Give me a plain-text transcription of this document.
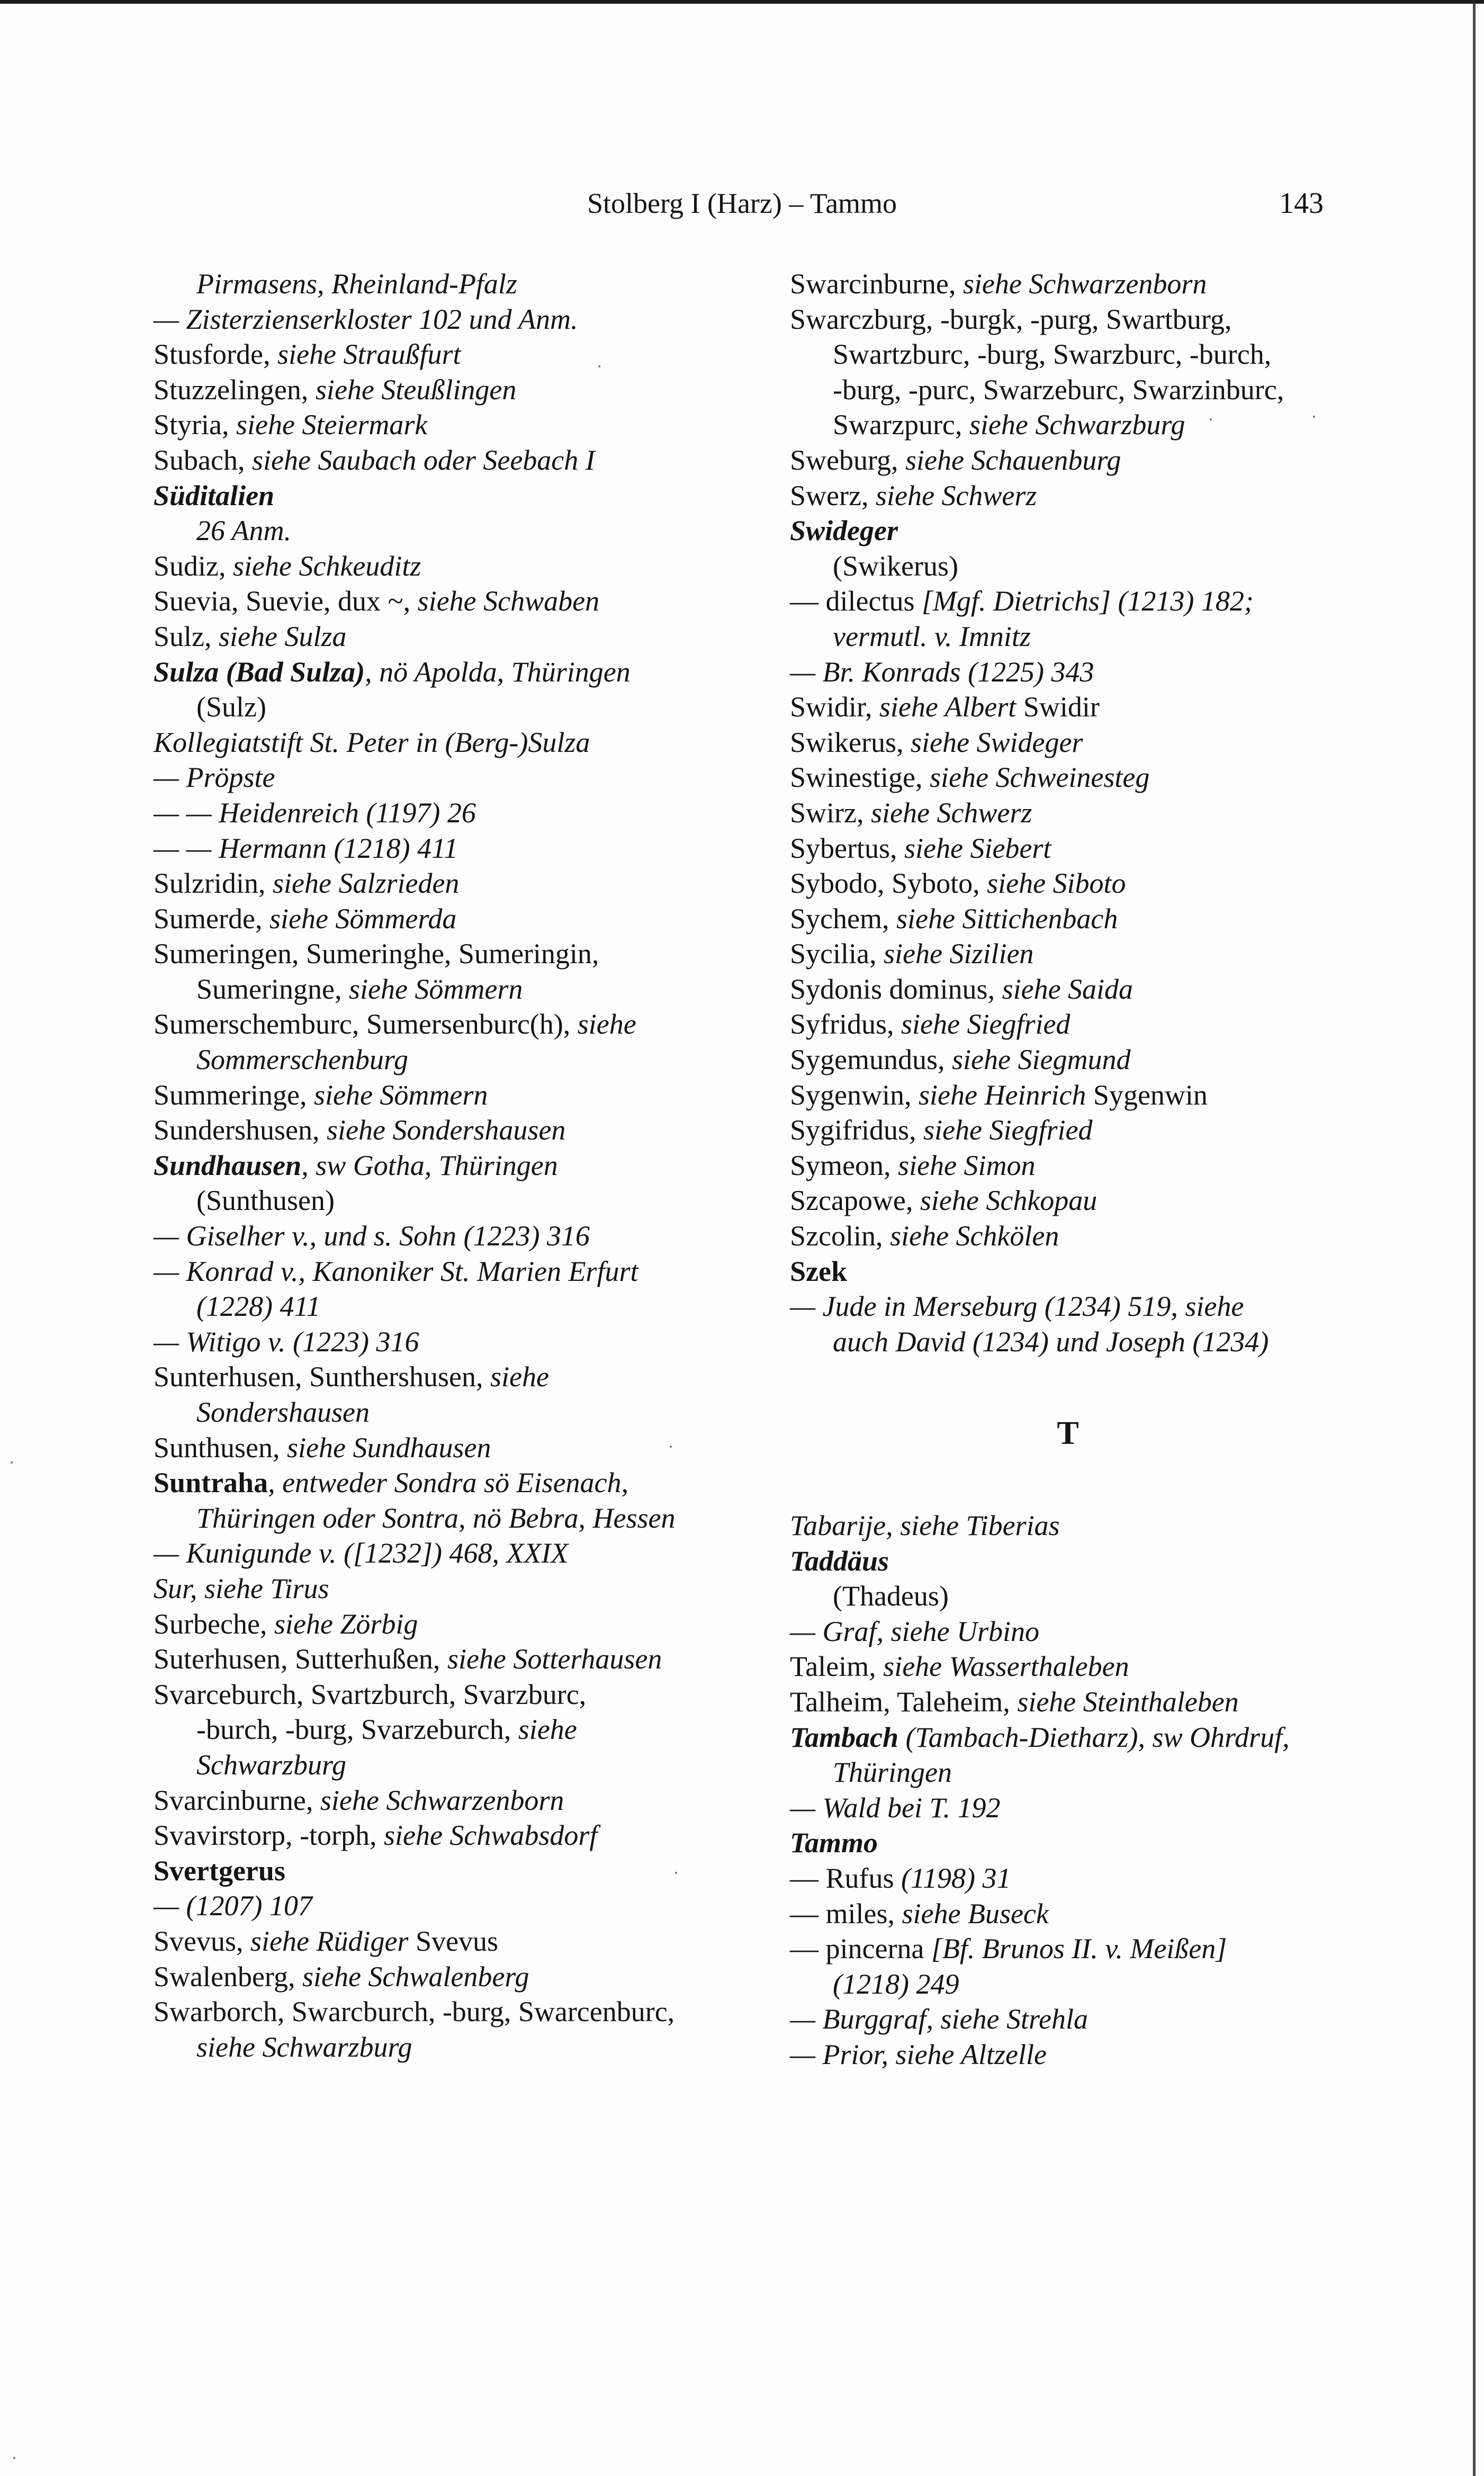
Stolberg I (Harz) – Tammo	143
Pirmasens, Rheinland-Pfalz
— Zisterzienserkloster 102 und Anm.
Stusforde, siehe Straußfurt
Stuzzelingen, siehe Steußlingen
Styria, siehe Steiermark
Subach, siehe Saubach oder Seebach I
Süditalien
26 Anm.
Sudiz, siehe Schkeuditz
Suevia, Suevie, dux ~, siehe Schwaben
Sulz, siehe Sulza
Sulza (Bad Sulza), nö Apolda, Thüringen
(Sulz)
Kollegiatstift St. Peter in (Berg-)Sulza
— Pröpste
— — Heidenreich (1197) 26
— — Hermann (1218) 411
Sulzridin, siehe Salzrieden
Sumerde, siehe Sömmerda
Sumeringen, Sumeringhe, Sumeringin,
Sumeringne, siehe Sömmern
Sumerschemburc, Sumersenburc(h), siehe
Sommerschenburg
Summeringe, siehe Sömmern
Sundershusen, siehe Sondershausen
Sundhausen, sw Gotha, Thüringen
(Sunthusen)
— Giselher v., und s. Sohn (1223) 316
— Konrad v., Kanoniker St. Marien Erfurt
(1228) 411
— Witigo v. (1223) 316
Sunterhusen, Sunthershusen, siehe
Sondershausen
Sunthusen, siehe Sundhausen
Suntraha, entweder Sondra sö Eisenach,
Thüringen oder Sontra, nö Bebra, Hessen
— Kunigunde v. ([1232]) 468, XXIX
Sur, siehe Tirus
Surbeche, siehe Zörbig
Suterhusen, Sutterhußen, siehe Sotterhausen
Svarceburch, Svartzburch, Svarzburc,
-burch, -burg, Svarzeburch, siehe
Schwarzburg
Svarcinburne, siehe Schwarzenborn
Svavirstorp, -torph, siehe Schwabsdorf
Svertgerus
— (1207) 107
Svevus, siehe Rüdiger Svevus
Swalenberg, siehe Schwalenberg
Swarborch, Swarcburch, -burg, Swarcenburc,
siehe Schwarzburg
Swarcinburne, siehe Schwarzenborn
Swarczburg, -burgk, -purg, Swartburg,
Swartzburc, -burg, Swarzburc, -burch,
-burg, -purc, Swarzeburc, Swarzinburc,
Swarzpurc, siehe Schwarzburg
Sweburg, siehe Schauenburg
Swerz, siehe Schwerz
Swideger
(Swikerus)
— dilectus [Mgf. Dietrichs] (1213) 182;
vermutl. v. Imnitz
— Br. Konrads (1225) 343
Swidir, siehe Albert Swidir
Swikerus, siehe Swideger
Swinestige, siehe Schweinesteg
Swirz, siehe Schwerz
Sybertus, siehe Siebert
Sybodo, Syboto, siehe Siboto
Sychem, siehe Sittichenbach
Sycilia, siehe Sizilien
Sydonis dominus, siehe Saida
Syfridus, siehe Siegfried
Sygemundus, siehe Siegmund
Sygenwin, siehe Heinrich Sygenwin
Sygifridus, siehe Siegfried
Symeon, siehe Simon
Szcapowe, siehe Schkopau
Szcolin, siehe Schkölen
Szek
— Jude in Merseburg (1234) 519, siehe
auch David (1234) und Joseph (1234)
T
Tabarije, siehe Tiberias
Taddäus
(Thadeus)
— Graf, siehe Urbino
Taleim, siehe Wasserthaleben
Talheim, Taleheim, siehe Steinthaleben
Tambach (Tambach-Dietharz), sw Ohrdruf,
Thüringen
— Wald bei T. 192
Tammo
— Rufus (1198) 31
— miles, siehe Buseck
— pincerna [Bf. Brunos II. v. Meißen]
(1218) 249
— Burggraf, siehe Strehla
— Prior, siehe Altzelle
